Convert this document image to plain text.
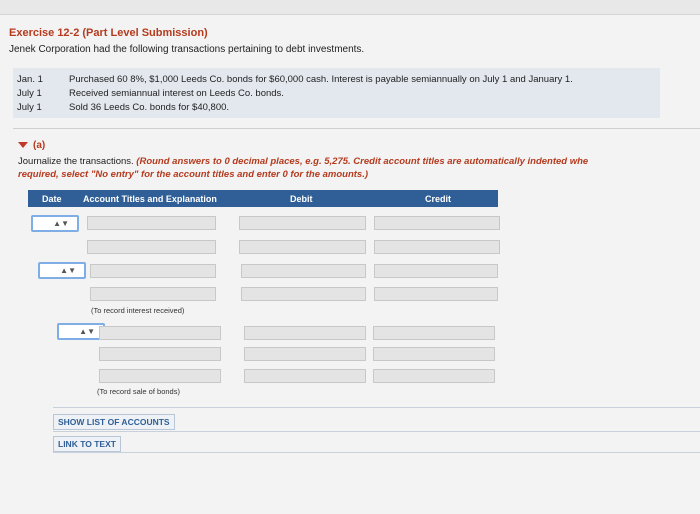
Exercise 12-2 (Part Level Submission)
Jenek Corporation had the following transactions pertaining to debt investments.
Jan. 1	Purchased 60 8%, $1,000 Leeds Co. bonds for $60,000 cash. Interest is payable semiannually on July 1 and January 1.
July 1	Received semiannual interest on Leeds Co. bonds.
July 1	Sold 36 Leeds Co. bonds for $40,800.
(a)
Journalize the transactions. (Round answers to 0 decimal places, e.g. 5,275. Credit account titles are automatically indented whe
required, select "No entry" for the account titles and enter 0 for the amounts.)
Date Account Titles and Explanation	Debit	Credit
▲▼
▲▼
(To record interest received)
▲▼
(To record sale of bonds)
SHOW LIST OF ACCOUNTS
LINK TO TEXT
